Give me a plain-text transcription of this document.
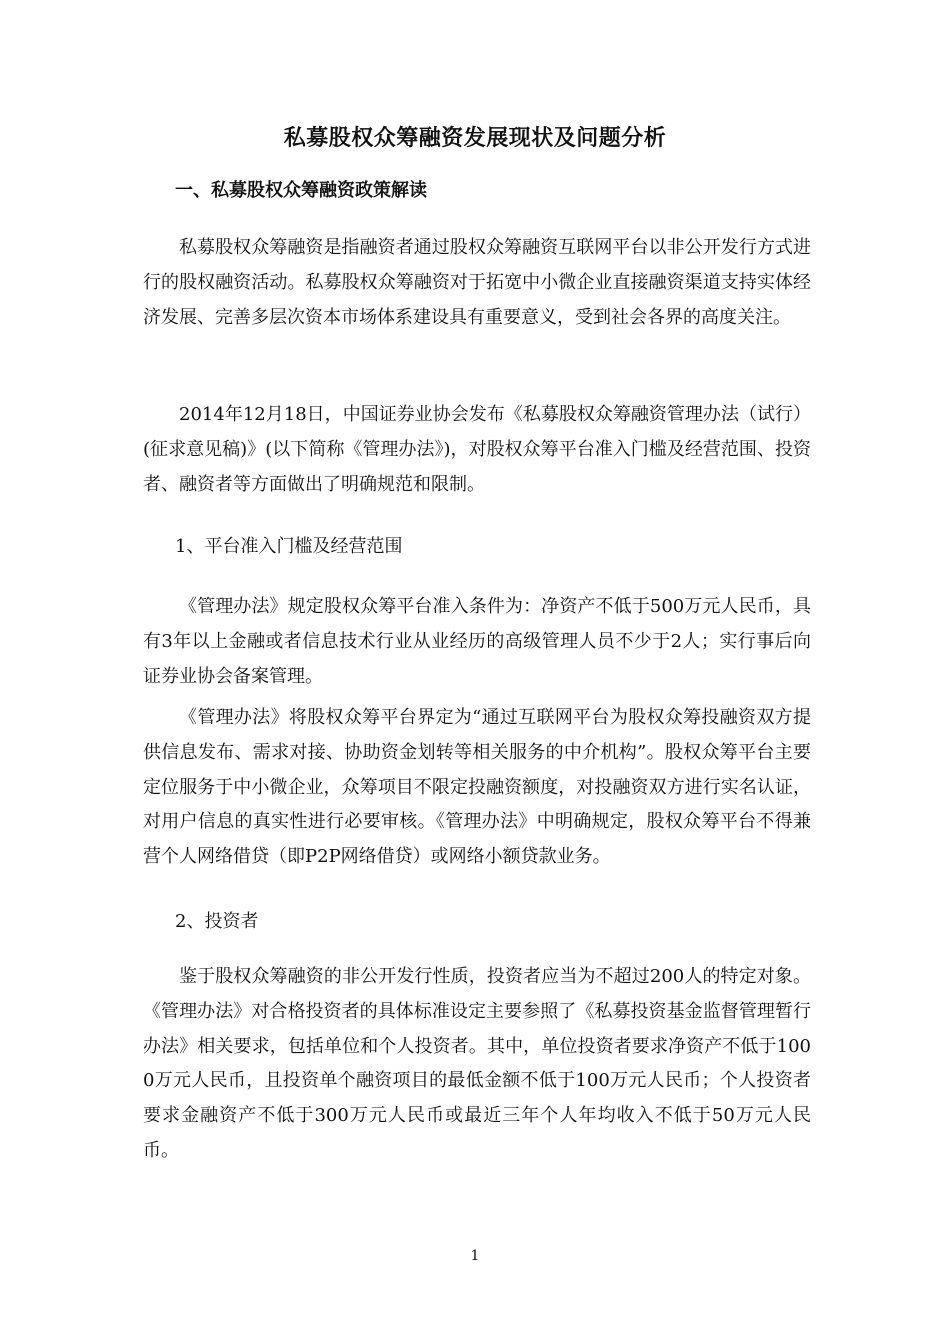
私募股权众筹融资发展现状及问题分析
一、私募股权众筹融资政策解读

私募股权众筹融资是指融资者通过股权众筹融资互联网平台以非公开发行方式进行的股权融资活动。私募股权众筹融资对于拓宽中小微企业直接融资渠道支持实体经济发展、完善多层次资本市场体系建设具有重要意义，受到社会各界的高度关注。

2014年12月18日，中国证券业协会发布《私募股权众筹融资管理办法（试行）(征求意见稿)》(以下简称《管理办法》)，对股权众筹平台准入门槛及经营范围、投资者、融资者等方面做出了明确规范和限制。

1、平台准入门槛及经营范围

《管理办法》规定股权众筹平台准入条件为：净资产不低于500万元人民币，具有3年以上金融或者信息技术行业从业经历的高级管理人员不少于2人；实行事后向证券业协会备案管理。

《管理办法》将股权众筹平台界定为“通过互联网平台为股权众筹投融资双方提供信息发布、需求对接、协助资金划转等相关服务的中介机构”。股权众筹平台主要定位服务于中小微企业，众筹项目不限定投融资额度，对投融资双方进行实名认证，对用户信息的真实性进行必要审核。《管理办法》中明确规定，股权众筹平台不得兼营个人网络借贷（即P2P网络借贷）或网络小额贷款业务。

2、投资者

鉴于股权众筹融资的非公开发行性质，投资者应当为不超过200人的特定对象。《管理办法》对合格投资者的具体标准设定主要参照了《私募投资基金监督管理暂行办法》相关要求，包括单位和个人投资者。其中，单位投资者要求净资产不低于1000万元人民币，且投资单个融资项目的最低金额不低于100万元人民币；个人投资者要求金融资产不低于300万元人民币或最近三年个人年均收入不低于50万元人民币。

1
